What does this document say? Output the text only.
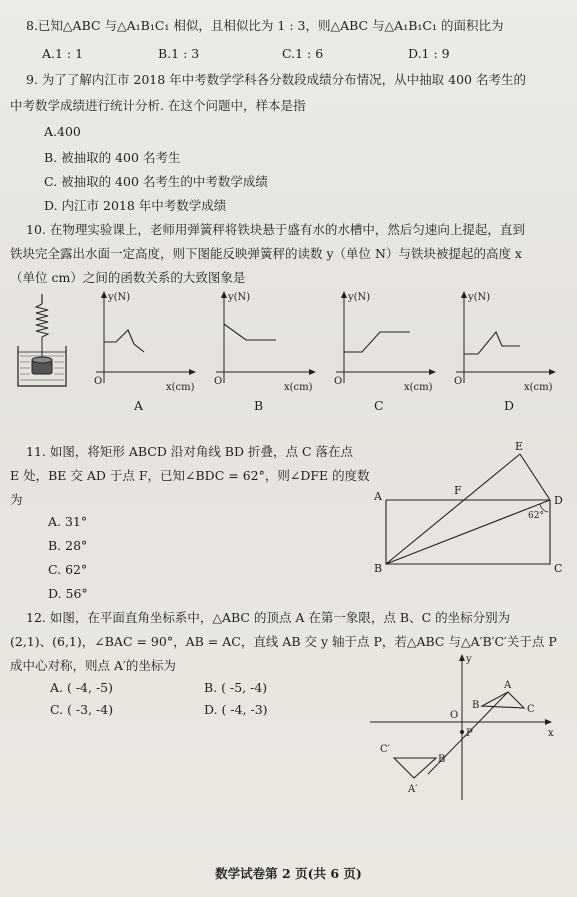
8.已知△ABC 与△A₁B₁C₁ 相似，且相似比为 1 : 3，则△ABC 与△A₁B₁C₁ 的面积比为
A.1 : 1	B.1 : 3	C.1 : 6	D.1 : 9
9. 为了了解内江市 2018 年中考数学学科各分数段成绩分布情况，从中抽取 400 名考生的
中考数学成绩进行统计分析. 在这个问题中，样本是指
A.400
B. 被抽取的 400 名考生
C. 被抽取的 400 名考生的中考数学成绩
D. 内江市 2018 年中考数学成绩
10. 在物理实验课上，老师用弹簧秤将铁块悬于盛有水的水槽中，然后匀速向上提起，直到
铁块完全露出水面一定高度，则下图能反映弹簧秤的读数 y（单位 N）与铁块被提起的高度 x
（单位 cm）之间的函数关系的大致图象是
y(N)
O
x(cm)
A
y(N)
O
x(cm)
B
y(N)
O
x(cm)
C
y(N)
O
x(cm)
D
11. 如图，将矩形 ABCD 沿对角线 BD 折叠，点 C 落在点
E 处，BE 交 AD 于点 F，已知∠BDC = 62°，则∠DFE 的度数
为
A. 31°
B. 28°
C. 62°
D. 56°
E
A	F
D
62°
B	C
12. 如图，在平面直角坐标系中，△ABC 的顶点 A 在第一象限，点 B、C 的坐标分别为
(2,1)、(6,1)，∠BAC = 90°，AB = AC，直线 AB 交 y 轴于点 P，若△ABC 与△A′B′C′关于点 P
成中心对称，则点 A′的坐标为
A. ( -4, -5)	B. ( -5, -4)
C. ( -3, -4)	D. ( -4, -3)
y
x
O
A
B	C
P
C′
B′
A′
数学试卷第 2 页(共 6 页)
